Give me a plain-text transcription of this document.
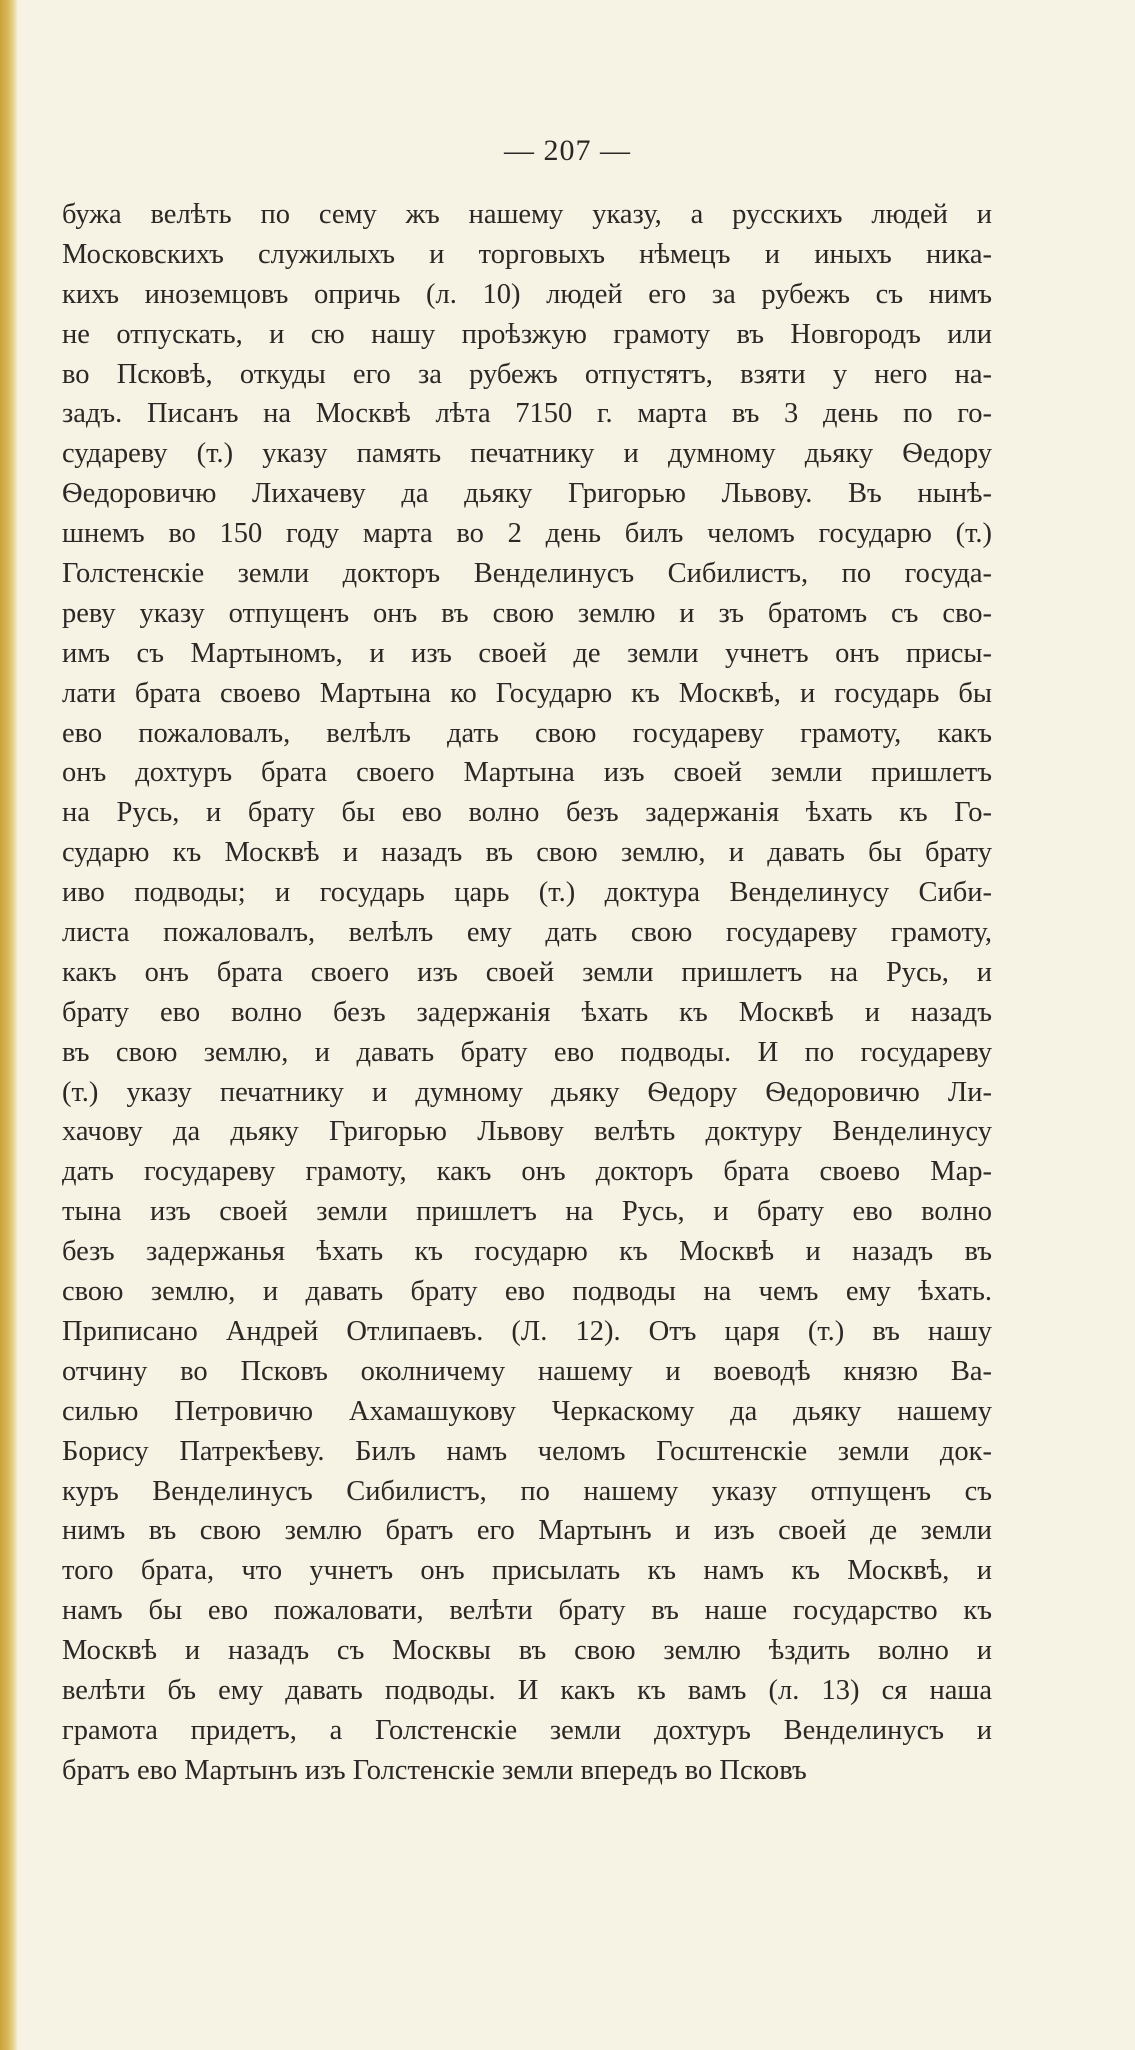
— 207 —
бужа велѣть по сему жъ нашему указу, а русскихъ людей и
Московскихъ служилыхъ и торговыхъ нѣмецъ и иныхъ ника-
кихъ иноземцовъ опричь (л. 10) людей его за рубежъ съ нимъ
не отпускать, и сю нашу проѣзжую грамоту въ Новгородъ или
во Псковѣ, откуды его за рубежъ отпустятъ, взяти у него на-
задъ. Писанъ на Москвѣ лѣта 7150 г. марта въ 3 день по го-
судареву (т.) указу память печатнику и думному дьяку Ѳедору
Ѳедоровичю Лихачеву да дьяку Григорью Львову. Въ нынѣ-
шнемъ во 150 году марта во 2 день билъ челомъ государю (т.)
Голстенскіе земли докторъ Венделинусъ Сибилистъ, по госуда-
реву указу отпущенъ онъ въ свою землю и зъ братомъ съ сво-
имъ съ Мартыномъ, и изъ своей де земли учнетъ онъ присы-
лати брата своево Мартына ко Государю къ Москвѣ, и государь бы
ево пожаловалъ, велѣлъ дать свою государеву грамоту, какъ
онъ дохтуръ брата своего Мартына изъ своей земли пришлетъ
на Русь, и брату бы ево волно безъ задержанія ѣхать къ Го-
сударю къ Москвѣ и назадъ въ свою землю, и давать бы брату
иво подводы; и государь царь (т.) доктура Венделинусу Сиби-
листа пожаловалъ, велѣлъ ему дать свою государеву грамоту,
какъ онъ брата своего изъ своей земли пришлетъ на Русь, и
брату ево волно безъ задержанія ѣхать къ Москвѣ и назадъ
въ свою землю, и давать брату ево подводы. И по государеву
(т.) указу печатнику и думному дьяку Ѳедору Ѳедоровичю Ли-
хачову да дьяку Григорью Львову велѣть доктуру Венделинусу
дать государеву грамоту, какъ онъ докторъ брата своево Мар-
тына изъ своей земли пришлетъ на Русь, и брату ево волно
безъ задержанья ѣхать къ государю къ Москвѣ и назадъ въ
свою землю, и давать брату ево подводы на чемъ ему ѣхать.
Приписано Андрей Отлипаевъ. (Л. 12). Отъ царя (т.) въ нашу
отчину во Псковъ околничему нашему и воеводѣ князю Ва-
силью Петровичю Ахамашукову Черкаскому да дьяку нашему
Борису Патрекѣеву. Билъ намъ челомъ Госштенскіе земли док-
куръ Венделинусъ Сибилистъ, по нашему указу отпущенъ съ
нимъ въ свою землю братъ его Мартынъ и изъ своей де земли
того брата, что учнетъ онъ присылать къ намъ къ Москвѣ, и
намъ бы ево пожаловати, велѣти брату въ наше государство къ
Москвѣ и назадъ съ Москвы въ свою землю ѣздить волно и
велѣти бъ ему давать подводы. И какъ къ вамъ (л. 13) ся наша
грамота придетъ, а Голстенскіе земли дохтуръ Венделинусъ и
братъ ево Мартынъ изъ Голстенскіе земли впередъ во Псковъ
